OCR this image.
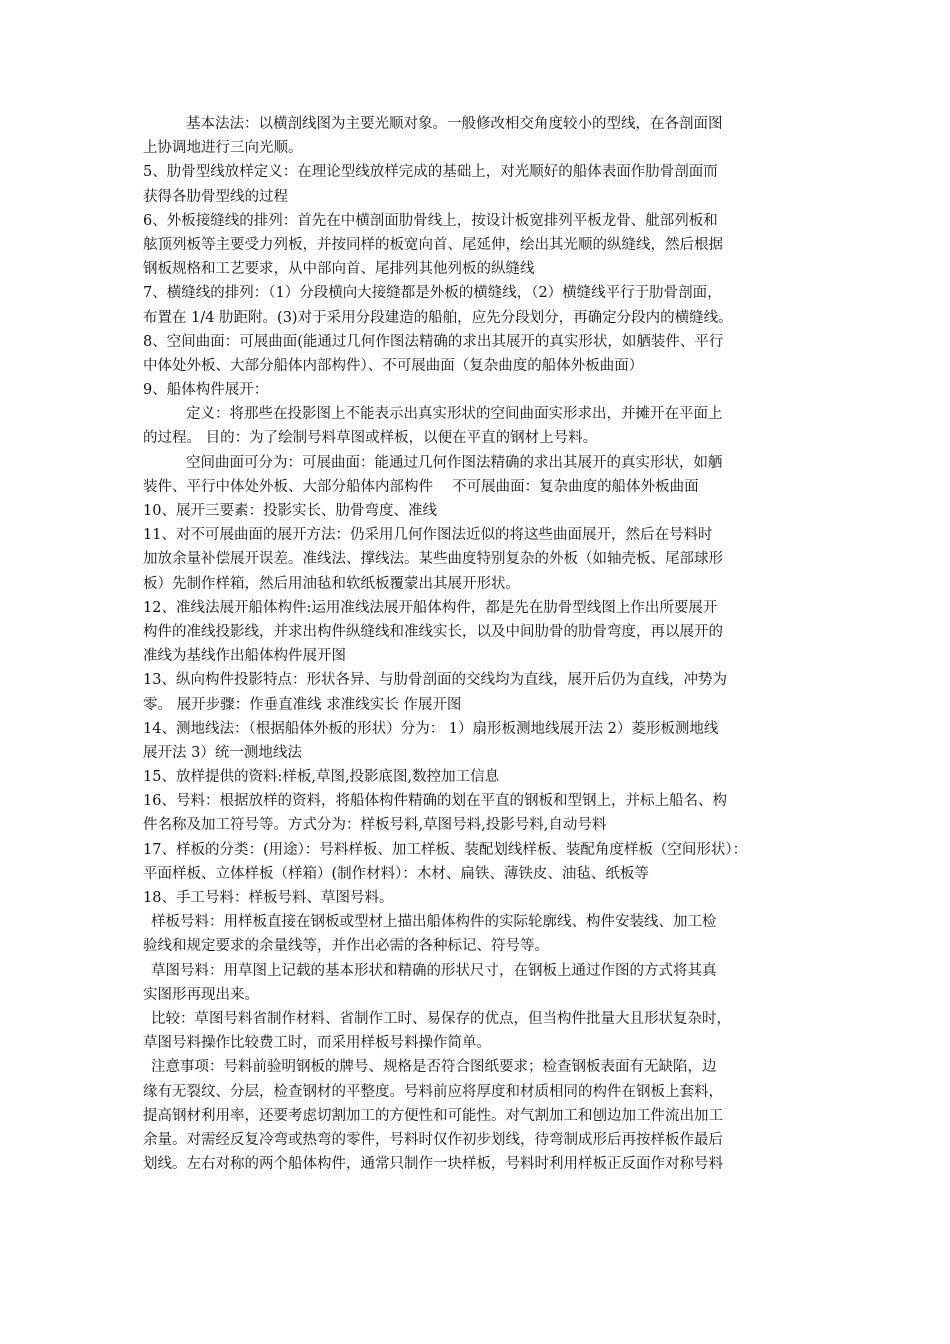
基本法法：以横剖线图为主要光顺对象。一般修改相交角度较小的型线，在各剖面图
上协调地进行三向光顺。
5、肋骨型线放样定义：在理论型线放样完成的基础上，对光顺好的船体表面作肋骨剖面而
获得各肋骨型线的过程
6、外板接缝线的排列：首先在中横剖面肋骨线上，按设计板宽排列平板龙骨、舭部列板和
舷顶列板等主要受力列板，并按同样的板宽向首、尾延伸，绘出其光顺的纵缝线，然后根据
钢板规格和工艺要求，从中部向首、尾排列其他列板的纵缝线
7、横缝线的排列：（1）分段横向大接缝都是外板的横缝线，（2）横缝线平行于肋骨剖面，
布置在 1/4 肋距附。(3)对于采用分段建造的船舶，应先分段划分，再确定分段内的横缝线。
8、空间曲面：可展曲面(能通过几何作图法精确的求出其展开的真实形状，如舾装件、平行
中体处外板、大部分船体内部构件）、不可展曲面（复杂曲度的船体外板曲面）
9、船体构件展开：
定义：将那些在投影图上不能表示出真实形状的空间曲面实形求出，并摊开在平面上
的过程。 目的：为了绘制号料草图或样板，以便在平直的钢材上号料。
空间曲面可分为：可展曲面：能通过几何作图法精确的求出其展开的真实形状，如舾
装件、平行中体处外板、大部分船体内部构件　 不可展曲面：复杂曲度的船体外板曲面
10、展开三要素：投影实长、肋骨弯度、准线
11、对不可展曲面的展开方法：仍采用几何作图法近似的将这些曲面展开，然后在号料时
加放余量补偿展开误差。准线法、撑线法。某些曲度特别复杂的外板（如轴壳板、尾部球形
板）先制作样箱，然后用油毡和软纸板覆蒙出其展开形状。
12、准线法展开船体构件:运用准线法展开船体构件，都是先在肋骨型线图上作出所要展开
构件的准线投影线，并求出构件纵缝线和准线实长，以及中间肋骨的肋骨弯度，再以展开的
准线为基线作出船体构件展开图
13、纵向构件投影特点：形状各异、与肋骨剖面的交线均为直线，展开后仍为直线，冲势为
零。 展开步骤：作垂直准线 求准线实长 作展开图
14、测地线法：（根据船体外板的形状）分为： 1）扇形板测地线展开法 2）菱形板测地线
展开法 3）统一测地线法
15、放样提供的资料:样板,草图,投影底图,数控加工信息
16、号料：根据放样的资料，将船体构件精确的划在平直的钢板和型钢上，并标上船名、构
件名称及加工符号等。方式分为：样板号料,草图号料,投影号料,自动号料
17、样板的分类：(用途）：号料样板、加工样板、装配划线样板、装配角度样板（空间形状）：
平面样板、立体样板（样箱）(制作材料）：木材、扁铁、薄铁皮、油毡、纸板等
18、手工号料：样板号料、草图号料。
样板号料：用样板直接在钢板或型材上描出船体构件的实际轮廓线、构件安装线、加工检
验线和规定要求的余量线等，并作出必需的各种标记、符号等。
草图号料：用草图上记载的基本形状和精确的形状尺寸，在钢板上通过作图的方式将其真
实图形再现出来。
比较：草图号料省制作材料、省制作工时、易保存的优点，但当构件批量大且形状复杂时，
草图号料操作比较费工时，而采用样板号料操作简单。
注意事项：号料前验明钢板的牌号、规格是否符合图纸要求；检查钢板表面有无缺陷，边
缘有无裂纹、分层，检查钢材的平整度。号料前应将厚度和材质相同的构件在钢板上套料，
提高钢材利用率，还要考虑切割加工的方便性和可能性。对气割加工和刨边加工件流出加工
余量。对需经反复冷弯或热弯的零件，号料时仅作初步划线，待弯制成形后再按样板作最后
划线。左右对称的两个船体构件，通常只制作一块样板，号料时利用样板正反面作对称号料
